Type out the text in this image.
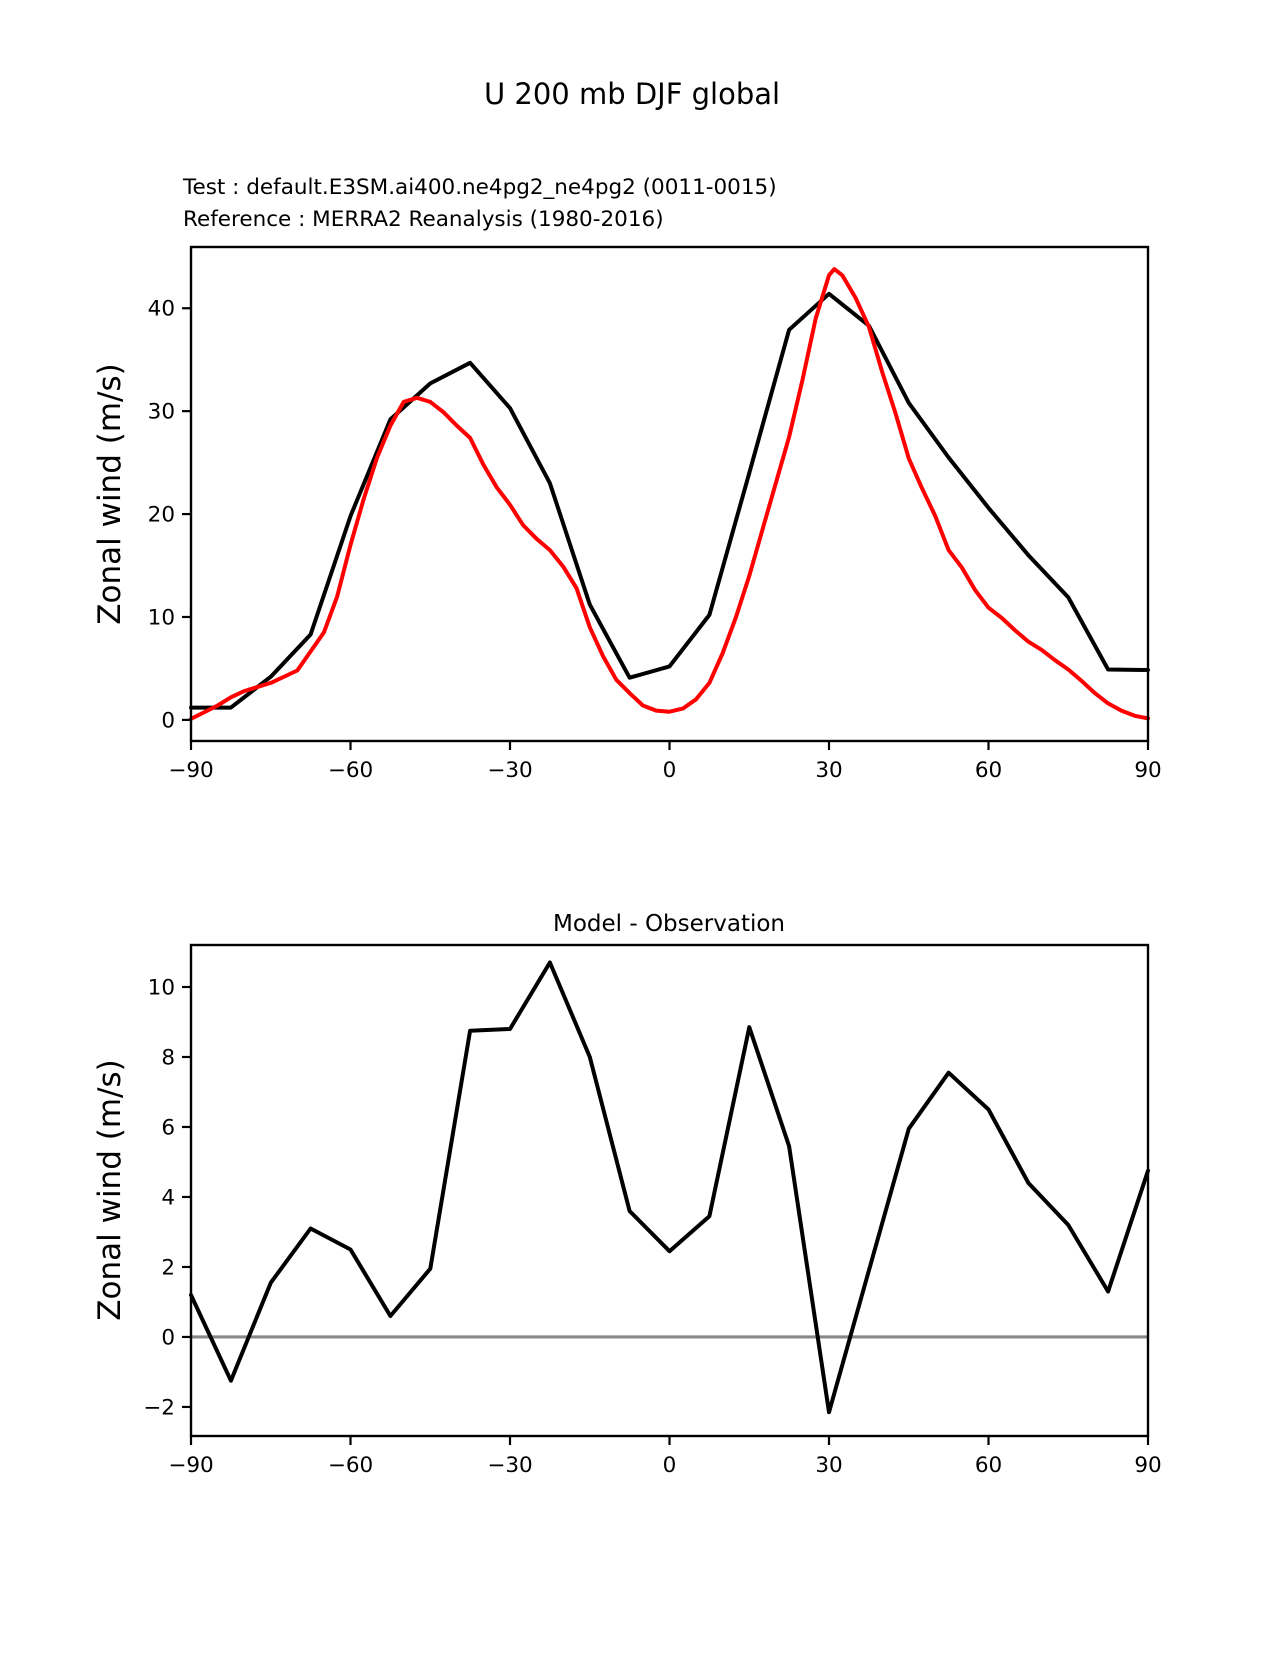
U 200 mb DJF global
Test : default.E3SM.ai400.ne4pg2_ne4pg2 (0011-0015)
Reference : MERRA2 Reanalysis (1980-2016)
Zonal wind (m/s)
Model - Observation
Zonal wind (m/s)
−90	−60	−30	0	30	60	90
0
10
20
30
40
−90	−60	−30	0	30	60	90
−2
0
2
4
6
8
10
